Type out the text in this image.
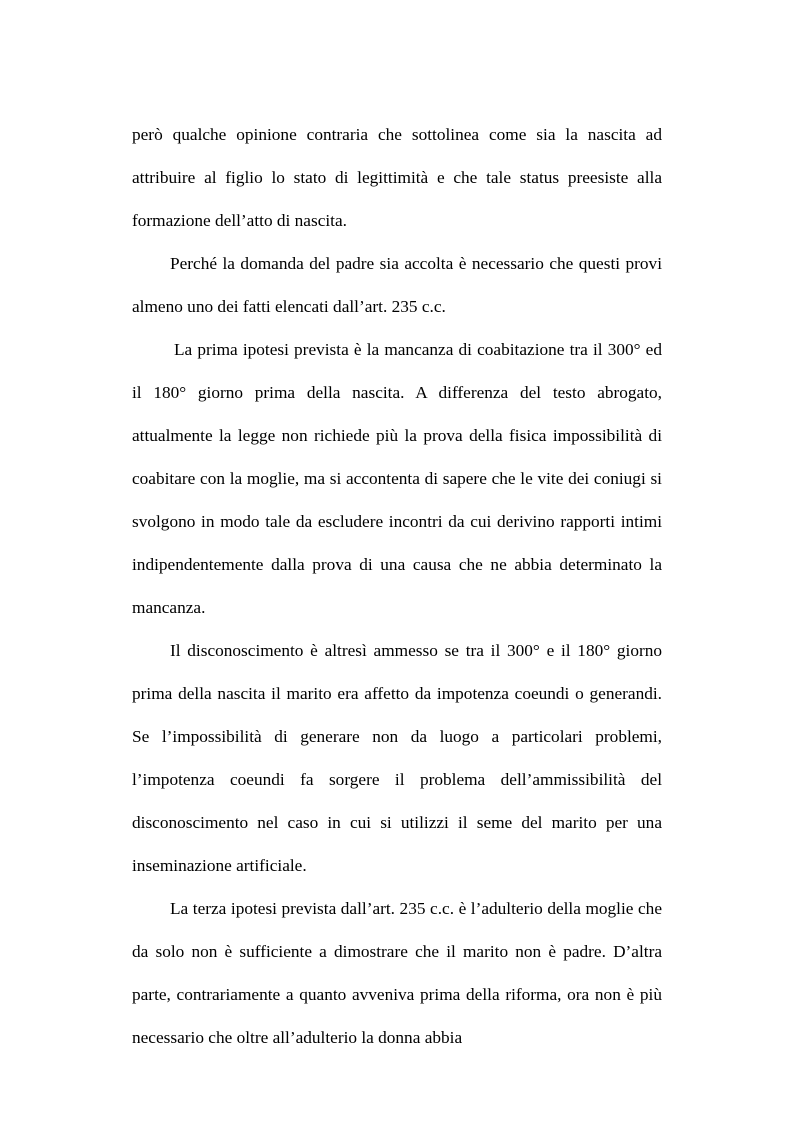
però qualche opinione contraria che sottolinea come sia la nascita ad attribuire al figlio lo stato di legittimità e che tale status preesiste alla formazione dell’atto di nascita.

Perché la domanda del padre sia accolta è necessario che questi provi almeno uno dei fatti elencati dall’art. 235 c.c.

La prima ipotesi prevista è la mancanza di coabitazione tra il 300° ed il 180° giorno prima della nascita. A differenza del testo abrogato, attualmente la legge non richiede più la prova della fisica impossibilità di coabitare con la moglie, ma si accontenta di sapere che le vite dei coniugi si svolgono in modo tale da escludere incontri da cui derivino rapporti intimi indipendentemente dalla prova di una causa che ne abbia determinato la mancanza.

Il disconoscimento è altresì ammesso se tra il 300° e il 180° giorno prima della nascita il marito era affetto da impotenza coeundi o generandi. Se l’impossibilità di generare non da luogo a particolari problemi, l’impotenza coeundi fa sorgere il problema dell’ammissibilità del disconoscimento nel caso in cui si utilizzi il seme del marito per una inseminazione artificiale.

La terza ipotesi prevista dall’art. 235 c.c. è l’adulterio della moglie che da solo non è sufficiente a dimostrare che il marito non è padre. D’altra parte, contrariamente a quanto avveniva prima della riforma, ora non è più necessario che oltre all’adulterio la donna abbia
